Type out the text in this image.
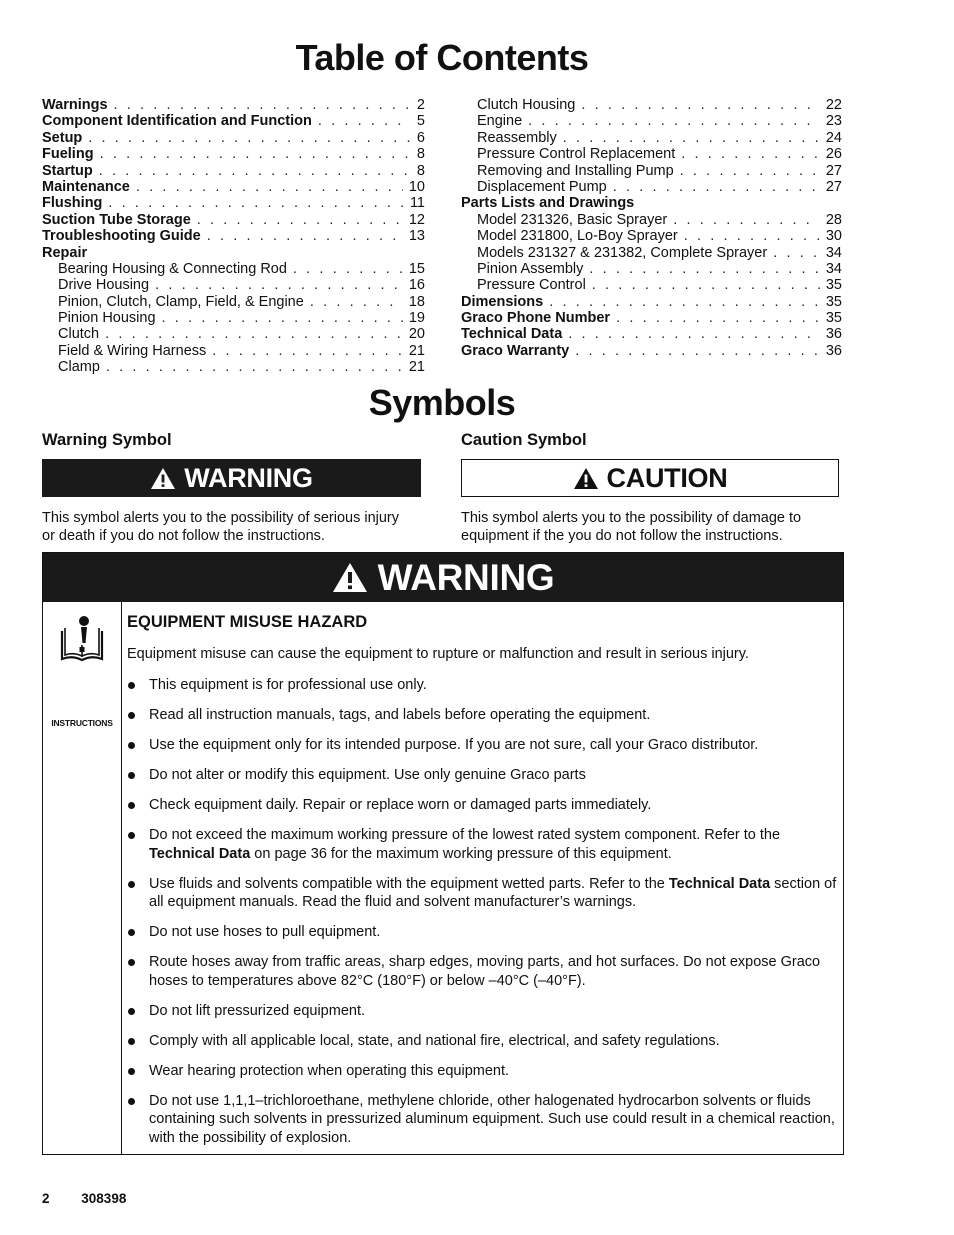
Table of Contents
Warnings . . .	2
Component Identification and Function . . .	5
Setup . . .	6
Fueling . . .	8
Startup . . .	8
Maintenance . . .	10
Flushing . . .	11
Suction Tube Storage . . .	12
Troubleshooting Guide . . .	13
Repair
Bearing Housing & Connecting Rod . . .	15
Drive Housing . . .	16
Pinion, Clutch, Clamp, Field, & Engine . . .	18
Pinion Housing . . .	19
Clutch . . .	20
Field & Wiring Harness . . .	21
Clamp . . .	21
Clutch Housing . . .	22
Engine . . .	23
Reassembly . . .	24
Pressure Control Replacement . . .	26
Removing and Installing Pump . . .	27
Displacement Pump . . .	27
Parts Lists and Drawings
Model 231326, Basic Sprayer . . .	28
Model 231800, Lo-Boy Sprayer . . .	30
Models 231327 & 231382, Complete Sprayer . . .	34
Pinion Assembly . . .	34
Pressure Control . . .	35
Dimensions . . .	35
Graco Phone Number . . .	35
Technical Data . . .	36
Graco Warranty . . .	36
Symbols
Warning Symbol	Caution Symbol
WARNING	CAUTION
This symbol alerts you to the possibility of serious injury or death if you do not follow the instructions.
This symbol alerts you to the possibility of damage to equipment if the you do not follow the instructions.
WARNING
INSTRUCTIONS
EQUIPMENT MISUSE HAZARD
Equipment misuse can cause the equipment to rupture or malfunction and result in serious injury.
This equipment is for professional use only.
Read all instruction manuals, tags, and labels before operating the equipment.
Use the equipment only for its intended purpose. If you are not sure, call your Graco distributor.
Do not alter or modify this equipment. Use only genuine Graco parts
Check equipment daily. Repair or replace worn or damaged parts immediately.
Do not exceed the maximum working pressure of the lowest rated system component. Refer to the Technical Data on page 36 for the maximum working pressure of this equipment.
Use fluids and solvents compatible with the equipment wetted parts. Refer to the Technical Data section of all equipment manuals. Read the fluid and solvent manufacturer’s warnings.
Do not use hoses to pull equipment.
Route hoses away from traffic areas, sharp edges, moving parts, and hot surfaces. Do not expose Graco hoses to temperatures above 82°C (180°F) or below –40°C (–40°F).
Do not lift pressurized equipment.
Comply with all applicable local, state, and national fire, electrical, and safety regulations.
Wear hearing protection when operating this equipment.
Do not use 1,1,1–trichloroethane, methylene chloride, other halogenated hydrocarbon solvents or fluids containing such solvents in pressurized aluminum equipment. Such use could result in a chemical reaction, with the possibility of explosion.
2 308398
